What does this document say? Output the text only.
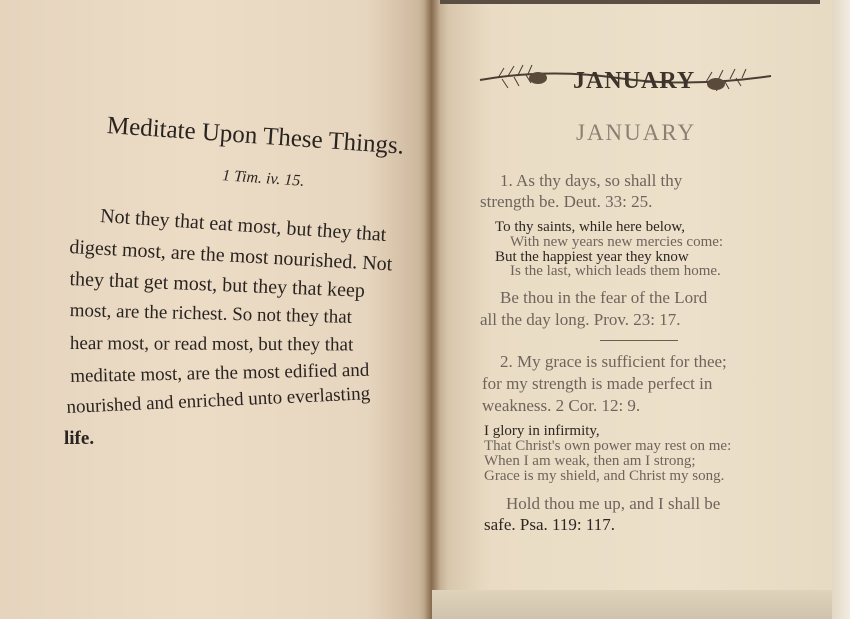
Meditate Upon These Things.
1 Tim. iv. 15.
Not they that eat most, but they that
digest most, are the most nourished. Not
they that get most, but they that keep
most, are the richest. So not they that
hear most, or read most, but they that
meditate most, are the most edified and
nourished and enriched unto everlasting
life.
JANUARY
JANUARY
1. As thy days, so shall thy
strength be. Deut. 33: 25.
To thy saints, while here below,
With new years new mercies come:
But the happiest year they know
Is the last, which leads them home.
Be thou in the fear of the Lord
all the day long. Prov. 23: 17.
2. My grace is sufficient for thee;
for my strength is made perfect in
weakness. 2 Cor. 12: 9.
I glory in infirmity,
That Christ's own power may rest on me:
When I am weak, then am I strong;
Grace is my shield, and Christ my song.
Hold thou me up, and I shall be
safe. Psa. 119: 117.
